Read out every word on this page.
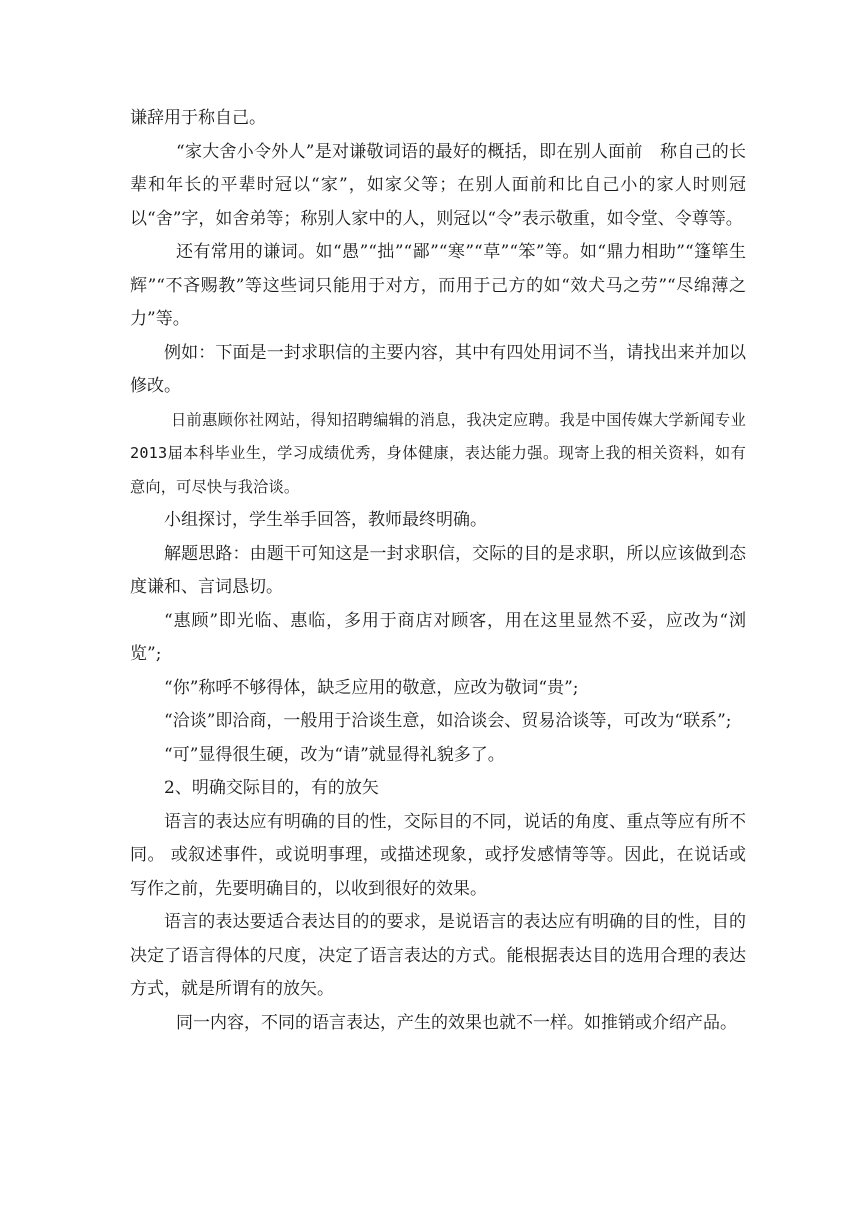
谦辞用于称自己。

“家大舍小令外人”是对谦敬词语的最好的概括，即在别人面前　称自己的长辈和年长的平辈时冠以“家”，如家父等；在别人面前和比自己小的家人时则冠以“舍”字，如舍弟等；称别人家中的人，则冠以“令”表示敬重，如令堂、令尊等。

还有常用的谦词。如“愚”“拙”“鄙”“寒”“草”“笨”等。如“鼎力相助”“篷筚生辉”“不吝赐教”等这些词只能用于对方，而用于己方的如“效犬马之劳”“尽绵薄之力”等。

例如：下面是一封求职信的主要内容，其中有四处用词不当，请找出来并加以修改。

日前惠顾你社网站，得知招聘编辑的消息，我决定应聘。我是中国传媒大学新闻专业2013届本科毕业生，学习成绩优秀，身体健康，表达能力强。现寄上我的相关资料，如有意向，可尽快与我洽谈。

小组探讨，学生举手回答，教师最终明确。

解题思路：由题干可知这是一封求职信，交际的目的是求职，所以应该做到态度谦和、言词恳切。

“惠顾”即光临、惠临，多用于商店对顾客，用在这里显然不妥，应改为“浏览”;

“你”称呼不够得体，缺乏应用的敬意，应改为敬词“贵”;

“洽谈”即洽商，一般用于洽谈生意，如洽谈会、贸易洽谈等，可改为“联系”;

“可”显得很生硬，改为“请”就显得礼貌多了。

2、明确交际目的，有的放矢

语言的表达应有明确的目的性，交际目的不同，说话的角度、重点等应有所不同。 或叙述事件，或说明事理，或描述现象，或抒发感情等等。因此，在说话或写作之前，先要明确目的，以收到很好的效果。

语言的表达要适合表达目的的要求，是说语言的表达应有明确的目的性，目的决定了语言得体的尺度，决定了语言表达的方式。能根据表达目的选用合理的表达方式，就是所谓有的放矢。

同一内容，不同的语言表达，产生的效果也就不一样。如推销或介绍产品。
